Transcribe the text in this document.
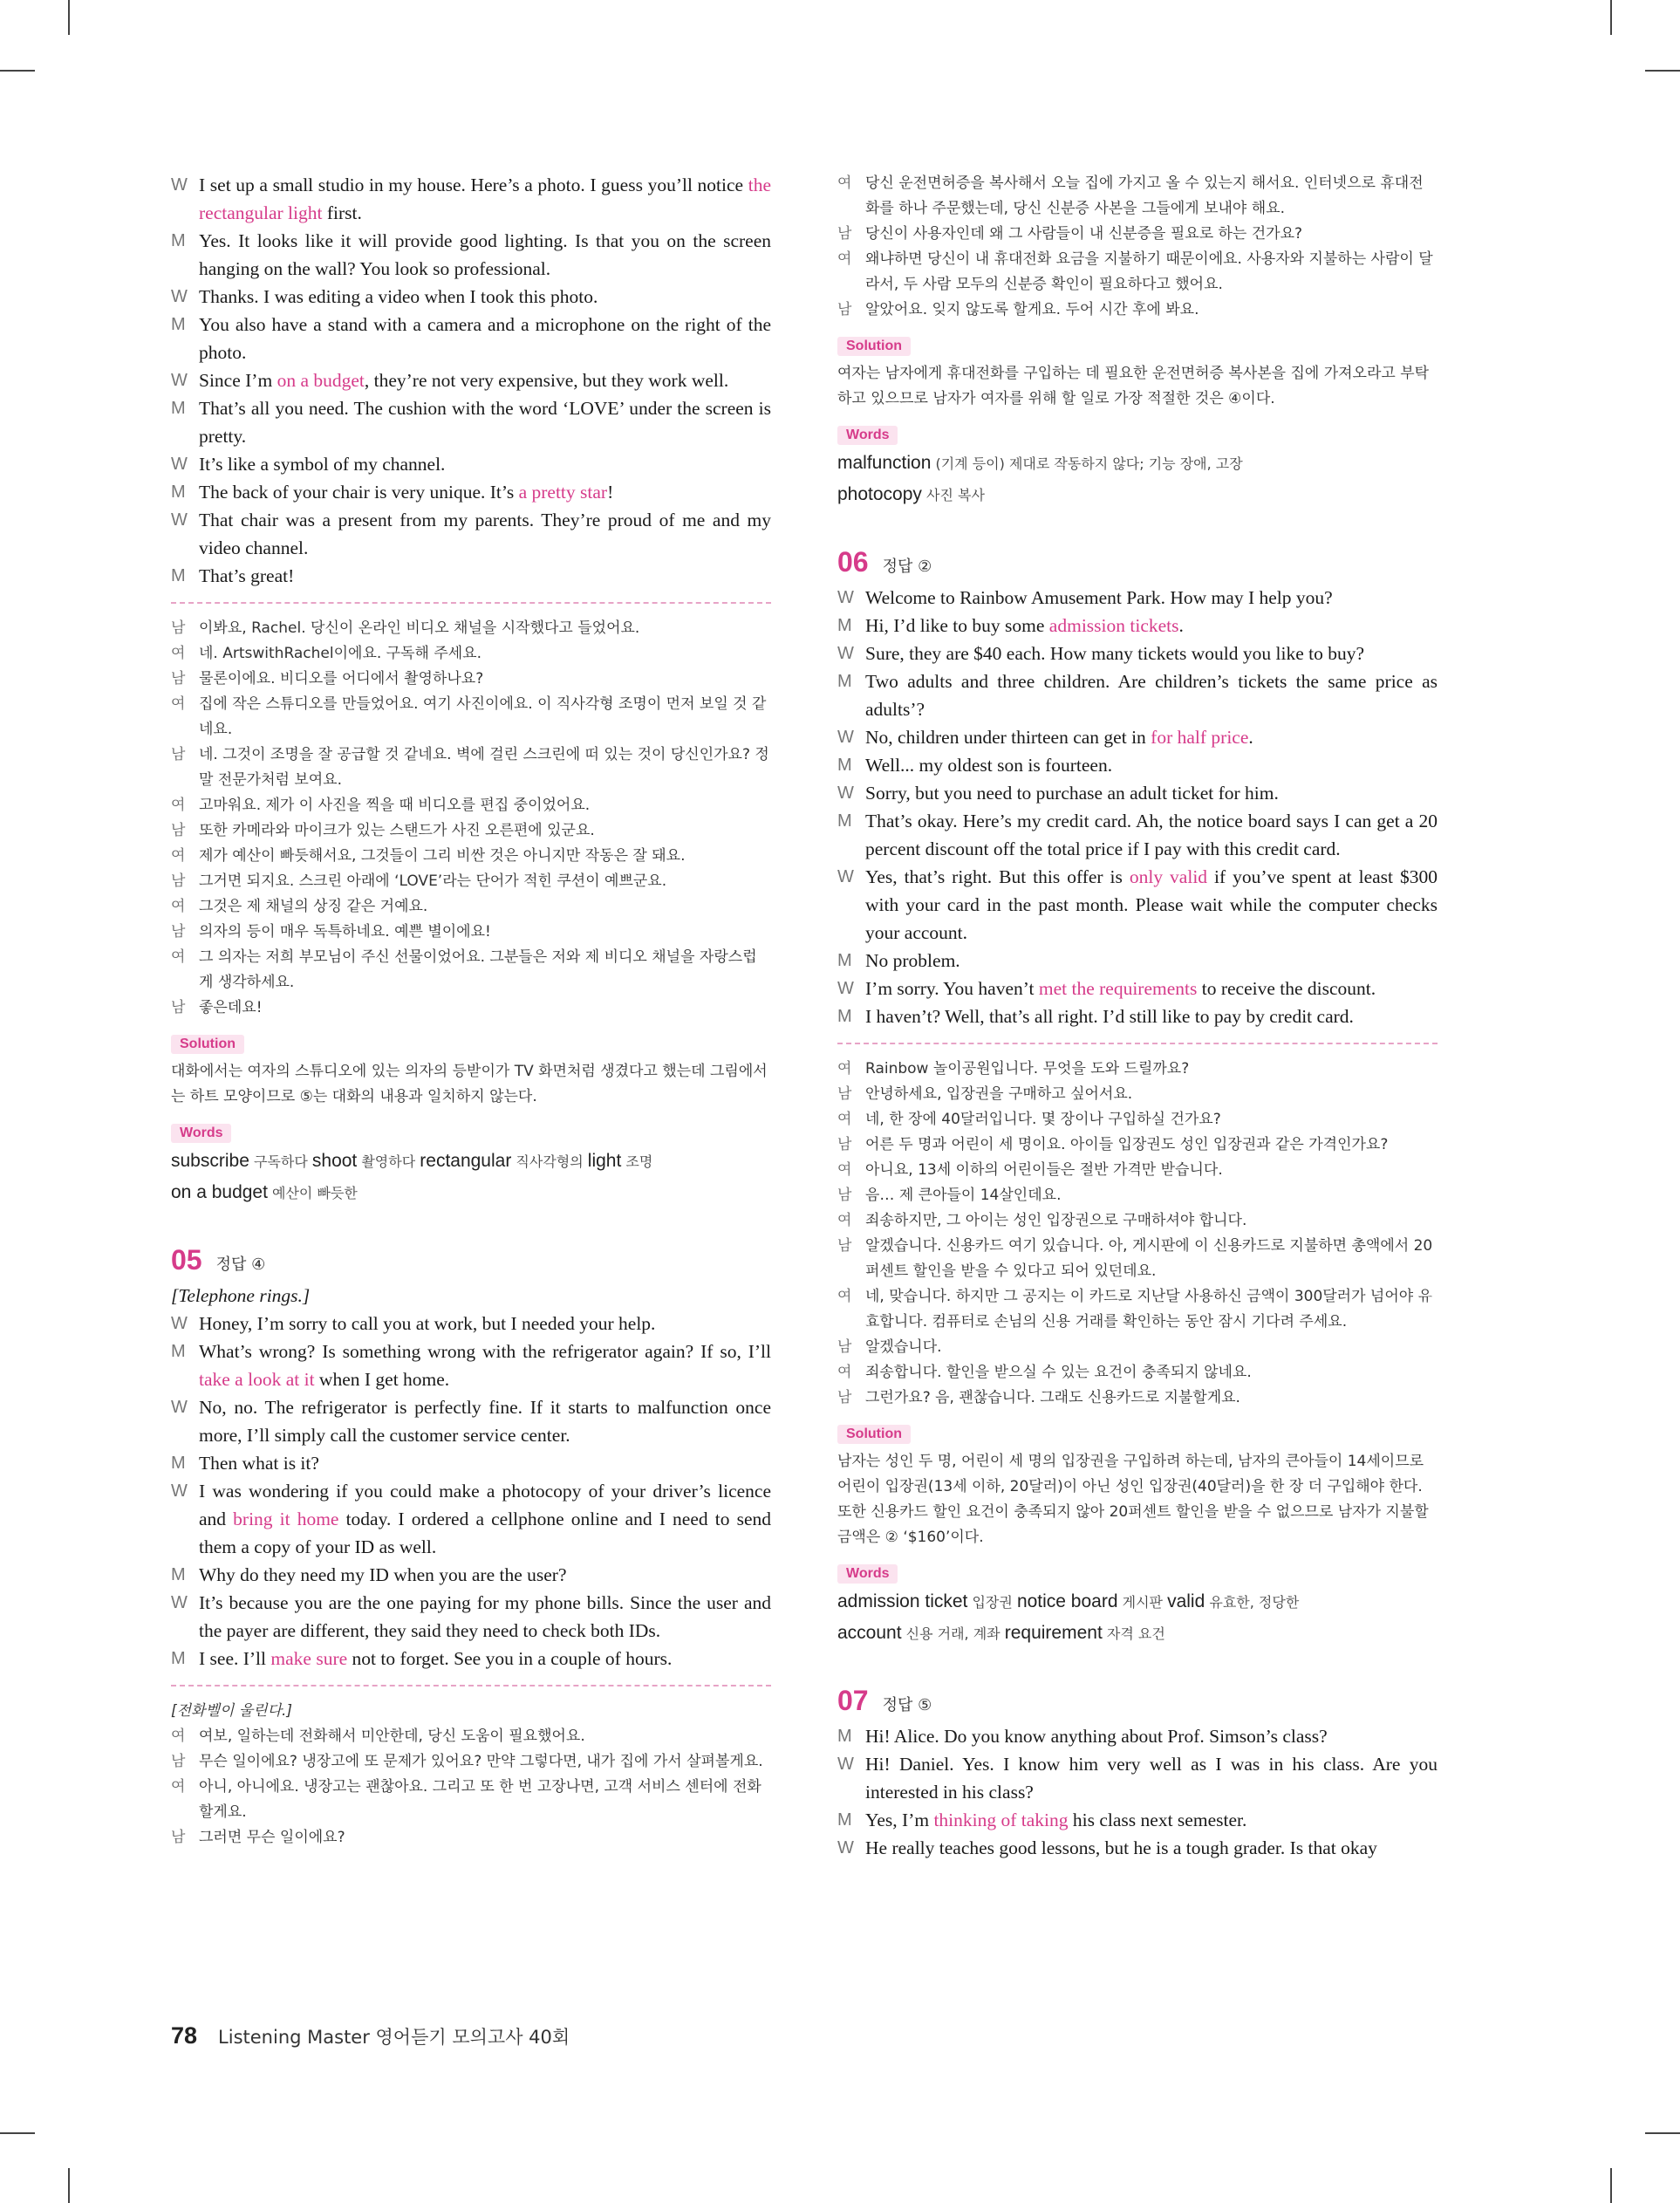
W I set up a small studio in my house. Here’s a photo. I guess you’ll notice the rectangular light first.
M Yes. It looks like it will provide good lighting. Is that you on the screen hanging on the wall? You look so professional.
W Thanks. I was editing a video when I took this photo.
M You also have a stand with a camera and a microphone on the right of the photo.
W Since I’m on a budget, they’re not very expensive, but they work well.
M That’s all you need. The cushion with the word ‘LOVE’ under the screen is pretty.
W It’s like a symbol of my channel.
M The back of your chair is very unique. It’s a pretty star!
W That chair was a present from my parents. They’re proud of me and my video channel.
M That’s great!
남 이봐요, Rachel. 당신이 온라인 비디오 채널을 시작했다고 들었어요.
여 네. ArtswithRachel이에요. 구독해 주세요.
남 물론이에요. 비디오를 어디에서 촬영하나요?
여 집에 작은 스튜디오를 만들었어요. 여기 사진이에요. 이 직사각형 조명이 먼저 보일 것 같네요.
남 네. 그것이 조명을 잘 공급할 것 같네요. 벽에 걸린 스크린에 떠 있는 것이 당신인가요? 정말 전문가처럼 보여요.
여 고마워요. 제가 이 사진을 찍을 때 비디오를 편집 중이었어요.
남 또한 카메라와 마이크가 있는 스탠드가 사진 오른편에 있군요.
여 제가 예산이 빠듯해서요, 그것들이 그리 비싼 것은 아니지만 작동은 잘 돼요.
남 그거면 되지요. 스크린 아래에 ‘LOVE’라는 단어가 적힌 쿠션이 예쁘군요.
여 그것은 제 채널의 상징 같은 거예요.
남 의자의 등이 매우 독특하네요. 예쁜 별이에요!
여 그 의자는 저희 부모님이 주신 선물이었어요. 그분들은 저와 제 비디오 채널을 자랑스럽게 생각하세요.
남 좋은데요!
Solution
대화에서는 여자의 스튜디오에 있는 의자의 등받이가 TV 화면처럼 생겼다고 했는데 그림에서는 하트 모양이므로 ⑤는 대화의 내용과 일치하지 않는다.
Words
subscribe 구독하다 shoot 촬영하다 rectangular 직사각형의 light 조명
on a budget 예산이 빠듯한
05 정답 ④
[Telephone rings.]
W Honey, I’m sorry to call you at work, but I needed your help.
M What’s wrong? Is something wrong with the refrigerator again? If so, I’ll take a look at it when I get home.
W No, no. The refrigerator is perfectly fine. If it starts to malfunction once more, I’ll simply call the customer service center.
M Then what is it?
W I was wondering if you could make a photocopy of your driver’s licence and bring it home today. I ordered a cellphone online and I need to send them a copy of your ID as well.
M Why do they need my ID when you are the user?
W It’s because you are the one paying for my phone bills. Since the user and the payer are different, they said they need to check both IDs.
M I see. I’ll make sure not to forget. See you in a couple of hours.
[전화벨이 울린다.]
여 여보, 일하는데 전화해서 미안한데, 당신 도움이 필요했어요.
남 무슨 일이에요? 냉장고에 또 문제가 있어요? 만약 그렇다면, 내가 집에 가서 살펴볼게요.
여 아니, 아니에요. 냉장고는 괜찮아요. 그리고 또 한 번 고장나면, 고객 서비스 센터에 전화할게요.
남 그러면 무슨 일이에요?
여 당신 운전면허증을 복사해서 오늘 집에 가지고 올 수 있는지 해서요. 인터넷으로 휴대전화를 하나 주문했는데, 당신 신분증 사본을 그들에게 보내야 해요.
남 당신이 사용자인데 왜 그 사람들이 내 신분증을 필요로 하는 건가요?
여 왜냐하면 당신이 내 휴대전화 요금을 지불하기 때문이에요. 사용자와 지불하는 사람이 달라서, 두 사람 모두의 신분증 확인이 필요하다고 했어요.
남 알았어요. 잊지 않도록 할게요. 두어 시간 후에 봐요.
Solution
여자는 남자에게 휴대전화를 구입하는 데 필요한 운전면허증 복사본을 집에 가져오라고 부탁하고 있으므로 남자가 여자를 위해 할 일로 가장 적절한 것은 ④이다.
Words
malfunction (기계 등이) 제대로 작동하지 않다; 기능 장애, 고장
photocopy 사진 복사
06 정답 ②
W Welcome to Rainbow Amusement Park. How may I help you?
M Hi, I’d like to buy some admission tickets.
W Sure, they are $40 each. How many tickets would you like to buy?
M Two adults and three children. Are children’s tickets the same price as adults’?
W No, children under thirteen can get in for half price.
M Well... my oldest son is fourteen.
W Sorry, but you need to purchase an adult ticket for him.
M That’s okay. Here’s my credit card. Ah, the notice board says I can get a 20 percent discount off the total price if I pay with this credit card.
W Yes, that’s right. But this offer is only valid if you’ve spent at least $300 with your card in the past month. Please wait while the computer checks your account.
M No problem.
W I’m sorry. You haven’t met the requirements to receive the discount.
M I haven’t? Well, that’s all right. I’d still like to pay by credit card.
여 Rainbow 놀이공원입니다. 무엇을 도와 드릴까요?
남 안녕하세요, 입장권을 구매하고 싶어서요.
여 네, 한 장에 40달러입니다. 몇 장이나 구입하실 건가요?
남 어른 두 명과 어린이 세 명이요. 아이들 입장권도 성인 입장권과 같은 가격인가요?
여 아니요, 13세 이하의 어린이들은 절반 가격만 받습니다.
남 음… 제 큰아들이 14살인데요.
여 죄송하지만, 그 아이는 성인 입장권으로 구매하셔야 합니다.
남 알겠습니다. 신용카드 여기 있습니다. 아, 게시판에 이 신용카드로 지불하면 총액에서 20퍼센트 할인을 받을 수 있다고 되어 있던데요.
여 네, 맞습니다. 하지만 그 공지는 이 카드로 지난달 사용하신 금액이 300달러가 넘어야 유효합니다. 컴퓨터로 손님의 신용 거래를 확인하는 동안 잠시 기다려 주세요.
남 알겠습니다.
여 죄송합니다. 할인을 받으실 수 있는 요건이 충족되지 않네요.
남 그런가요? 음, 괜찮습니다. 그래도 신용카드로 지불할게요.
Solution
남자는 성인 두 명, 어린이 세 명의 입장권을 구입하려 하는데, 남자의 큰아들이 14세이므로 어린이 입장권(13세 이하, 20달러)이 아닌 성인 입장권(40달러)을 한 장 더 구입해야 한다. 또한 신용카드 할인 요건이 충족되지 않아 20퍼센트 할인을 받을 수 없으므로 남자가 지불할 금액은 ② ‘$160’이다.
Words
admission ticket 입장권 notice board 게시판 valid 유효한, 정당한
account 신용 거래, 계좌 requirement 자격 요건
07 정답 ⑤
M Hi! Alice. Do you know anything about Prof. Simson’s class?
W Hi! Daniel. Yes. I know him very well as I was in his class. Are you interested in his class?
M Yes, I’m thinking of taking his class next semester.
W He really teaches good lessons, but he is a tough grader. Is that okay
78 Listening Master 영어듣기 모의고사 40회
